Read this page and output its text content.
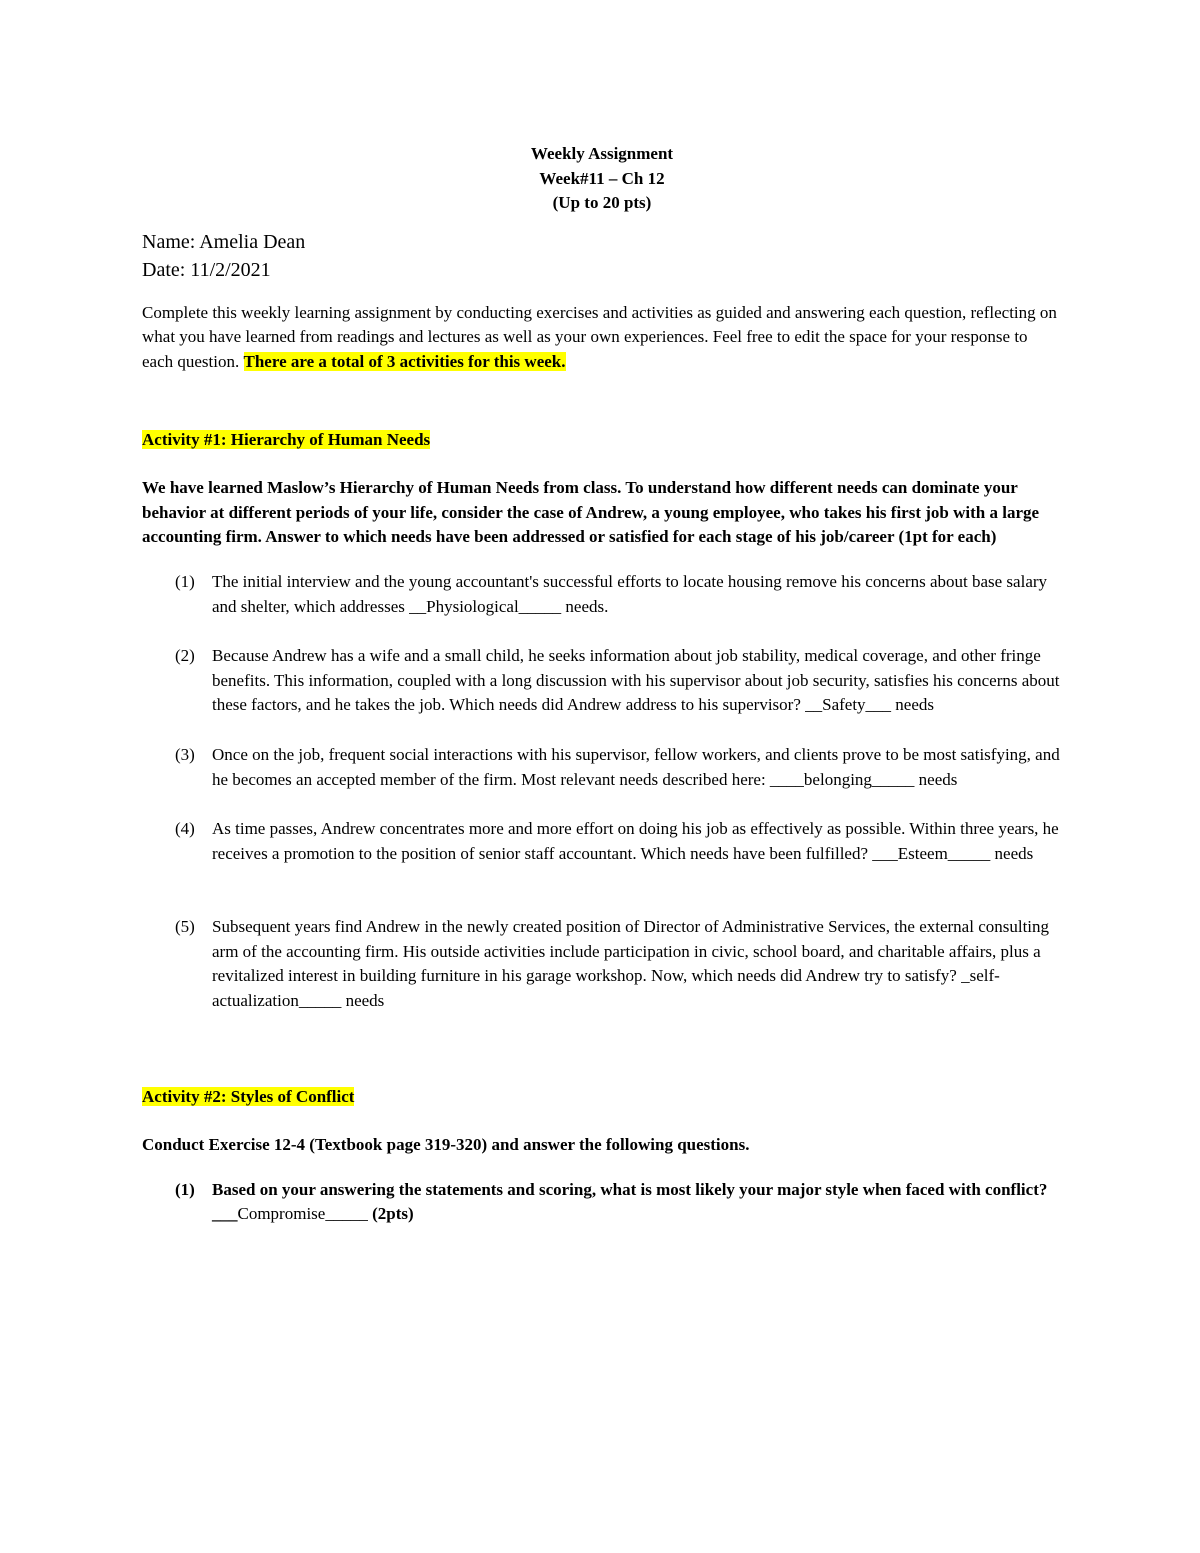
Weekly Assignment
Week#11 – Ch 12
(Up to 20 pts)
Name: Amelia Dean
Date: 11/2/2021

Complete this weekly learning assignment by conducting exercises and activities as guided and answering each question, reflecting on what you have learned from readings and lectures as well as your own experiences. Feel free to edit the space for your response to each question. There are a total of 3 activities for this week.

Activity #1: Hierarchy of Human Needs
We have learned Maslow’s Hierarchy of Human Needs from class. To understand how different needs can dominate your behavior at different periods of your life, consider the case of Andrew, a young employee, who takes his first job with a large accounting firm. Answer to which needs have been addressed or satisfied for each stage of his job/career (1pt for each)
(1) The initial interview and the young accountant's successful efforts to locate housing remove his concerns about base salary and shelter, which addresses __Physiological_____ needs.
(2) Because Andrew has a wife and a small child, he seeks information about job stability, medical coverage, and other fringe benefits. This information, coupled with a long discussion with his supervisor about job security, satisfies his concerns about these factors, and he takes the job. Which needs did Andrew address to his supervisor? __Safety___ needs
(3) Once on the job, frequent social interactions with his supervisor, fellow workers, and clients prove to be most satisfying, and he becomes an accepted member of the firm. Most relevant needs described here: ____belonging_____ needs
(4) As time passes, Andrew concentrates more and more effort on doing his job as effectively as possible. Within three years, he receives a promotion to the position of senior staff accountant. Which needs have been fulfilled? ___Esteem_____ needs
(5) Subsequent years find Andrew in the newly created position of Director of Administrative Services, the external consulting arm of the accounting firm. His outside activities include participation in civic, school board, and charitable affairs, plus a revitalized interest in building furniture in his garage workshop. Now, which needs did Andrew try to satisfy? _self-actualization_____ needs
Activity #2: Styles of Conflict
Conduct Exercise 12-4 (Textbook page 319-320) and answer the following questions.
(1) Based on your answering the statements and scoring, what is most likely your major style when faced with conflict? ___Compromise_____ (2pts)
